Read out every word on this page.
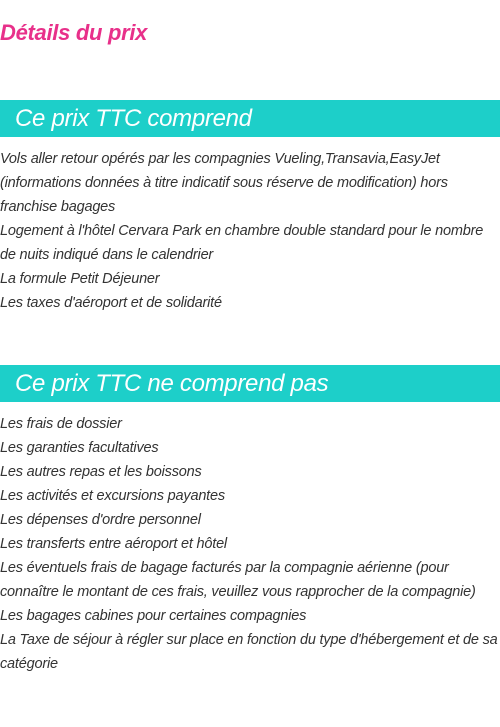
Détails du prix
Ce prix TTC comprend
Vols aller retour opérés par les compagnies Vueling,Transavia,EasyJet (informations données à titre indicatif sous réserve de modification) hors franchise bagages
Logement à l'hôtel Cervara Park en chambre double standard pour le nombre de nuits indiqué dans le calendrier
La formule Petit Déjeuner
Les taxes d'aéroport et de solidarité
Ce prix TTC ne comprend pas
Les frais de dossier
Les garanties facultatives
Les autres repas et les boissons
Les activités et excursions payantes
Les dépenses d'ordre personnel
Les transferts entre aéroport et hôtel
Les éventuels frais de bagage facturés par la compagnie aérienne (pour connaître le montant de ces frais, veuillez vous rapprocher de la compagnie)
Les bagages cabines pour certaines compagnies
La Taxe de séjour à régler sur place en fonction du type d'hébergement et de sa catégorie
